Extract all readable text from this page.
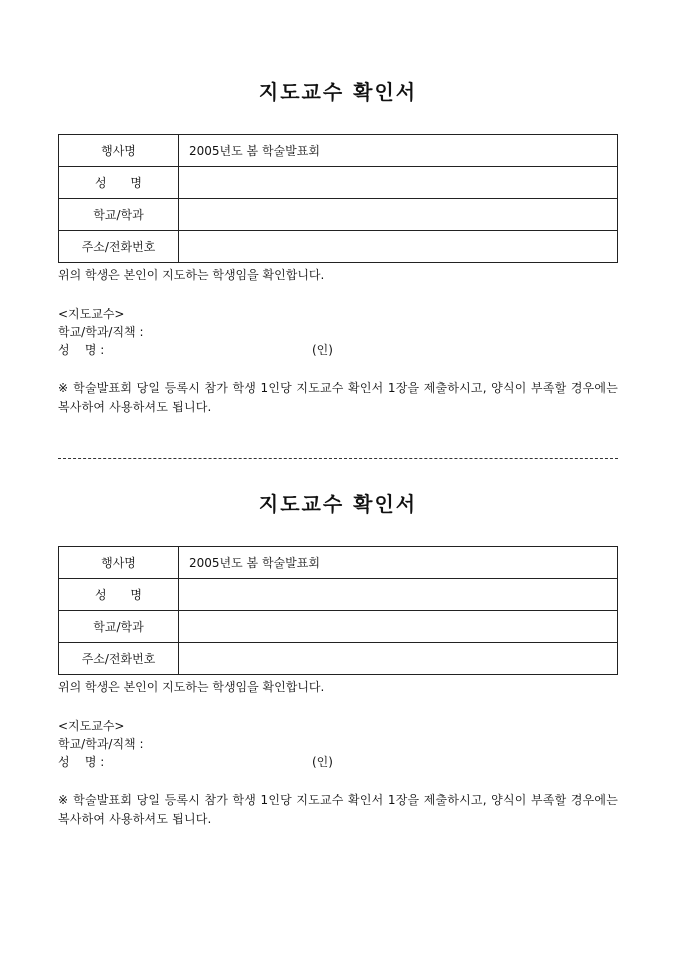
지도교수 확인서
행사명	2005년도 봄 학술발표회
성 명	
학교/학과	
주소/전화번호	
위의 학생은 본인이 지도하는 학생임을 확인합니다.
<지도교수>
학교/학과/직책 :
성    명 :	(인)
※ 학술발표회 당일 등록시 참가 학생 1인당 지도교수 확인서 1장을 제출하시고, 양식이 부족할 경우에는 복사하여 사용하셔도 됩니다.
지도교수 확인서
행사명	2005년도 봄 학술발표회
성 명	
학교/학과	
주소/전화번호	
위의 학생은 본인이 지도하는 학생임을 확인합니다.
<지도교수>
학교/학과/직책 :
성    명 :	(인)
※ 학술발표회 당일 등록시 참가 학생 1인당 지도교수 확인서 1장을 제출하시고, 양식이 부족할 경우에는 복사하여 사용하셔도 됩니다.
